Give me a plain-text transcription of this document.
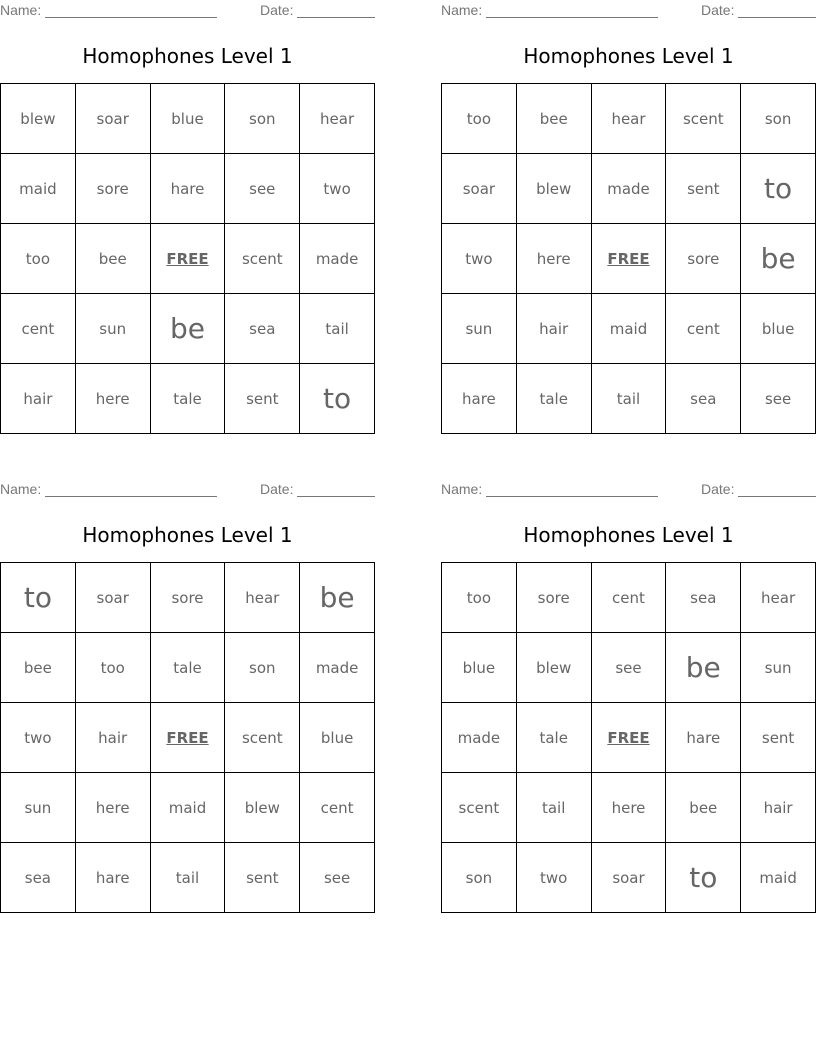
Name:	Date:
Homophones Level 1
blew	soar	blue	son	hear
maid	sore	hare	see	two
too	bee	FREE	scent	made
cent	sun	be	sea	tail
hair	here	tale	sent	to
Name:	Date:
Homophones Level 1
too	bee	hear	scent	son
soar	blew	made	sent	to
two	here	FREE	sore	be
sun	hair	maid	cent	blue
hare	tale	tail	sea	see
Name:	Date:
Homophones Level 1
to	soar	sore	hear	be
bee	too	tale	son	made
two	hair	FREE	scent	blue
sun	here	maid	blew	cent
sea	hare	tail	sent	see
Name:	Date:
Homophones Level 1
too	sore	cent	sea	hear
blue	blew	see	be	sun
made	tale	FREE	hare	sent
scent	tail	here	bee	hair
son	two	soar	to	maid
